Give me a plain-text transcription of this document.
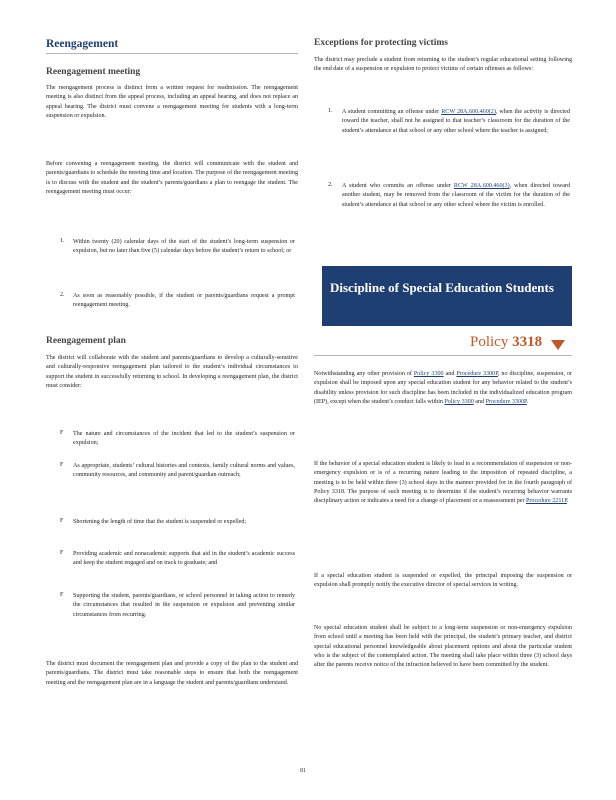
Reengagement
Reengagement meeting

The reengagement process is distinct from a written request for readmission. The reengagement meeting is also distinct from the appeal process, including an appeal hearing, and does not replace an appeal hearing. The district must convene a reengagement meeting for students with a long-term suspension or expulsion.

Before convening a reengagement meeting, the district will communicate with the student and parents/guardians to schedule the meeting time and location. The purpose of the reengagement meeting is to discuss with the student and the student’s parents/guardians a plan to reengage the student. The reengagement meeting must occur:

1. Within twenty (20) calendar days of the start of the student’s long-term suspension or expulsion, but no later than five (5) calendar days before the student’s return to school; or
2. As soon as reasonably possible, if the student or parents/guardians request a prompt reengagement meeting.
Reengagement plan

The district will collaborate with the student and parents/guardians to develop a culturally-sensitive and culturally-responsive reengagement plan tailored to the student’s individual circumstances to support the student in successfully returning to school. In developing a reengagement plan, the district must consider:

F The nature and circumstances of the incident that led to the student’s suspension or expulsion;
F As appropriate, students’ cultural histories and contexts, family cultural norms and values, community resources, and community and parent/guardian outreach;
F Shortening the length of time that the student is suspended or expelled;
F Providing academic and nonacademic supports that aid in the student’s academic success and keep the student engaged and on track to graduate; and
F Supporting the student, parents/guardians, or school personnel in taking action to remedy the circumstances that resulted in the suspension or expulsion and preventing similar circumstances from recurring.

The district must document the reengagement plan and provide a copy of the plan to the student and parents/guardians. The district must take reasonable steps to ensure that both the reengagement meeting and the reengagement plan are in a language the student and parents/guardians understand.

Exceptions for protecting victims

The district may preclude a student from returning to the student’s regular educational setting following the end date of a suspension or expulsion to protect victims of certain offenses as follows:

1. A student committing an offense under RCW 28A.600.460(2), when the activity is directed toward the teacher, shall not be assigned to that teacher’s classroom for the duration of the student’s attendance at that school or any other school where the teacher is assigned;
2. A student who commits an offense under RCW 28A.600.460(3), when directed toward another student, may be removed from the classroom of the victim for the duration of the student’s attendance at that school or any other school where the victim is enrolled.
Discipline of Special Education Students
Policy 3318

Notwithstanding any other provision of Policy 3300 and Procedure 3300P, no discipline, suspension, or expulsion shall be imposed upon any special education student for any behavior related to the student’s disability unless provision for such discipline has been included in the individualized education program (IEP), except when the student’s conduct falls within Policy 3300 and Procedure 3300P.

If the behavior of a special education student is likely to lead to a recommendation of suspension or non-emergency expulsion or is of a recurring nature leading to the imposition of repeated discipline, a meeting is to be held within three (3) school days in the manner provided for in the fourth paragraph of Policy 3318. The purpose of such meeting is to determine if the student’s recurring behavior warrants disciplinary action or indicates a need for a change of placement or a reassessment per Procedure 2211P.

If a special education student is suspended or expelled, the principal imposing the suspension or expulsion shall promptly notify the executive director of special services in writing.

No special education student shall be subject to a long-term suspension or non-emergency expulsion from school until a meeting has been held with the principal, the student’s primary teacher, and district special educational personnel knowledgeable about placement options and about the particular student who is the subject of the contemplated action. The meeting shall take place within three (3) school days after the parents receive notice of the infraction believed to have been committed by the student.

81
